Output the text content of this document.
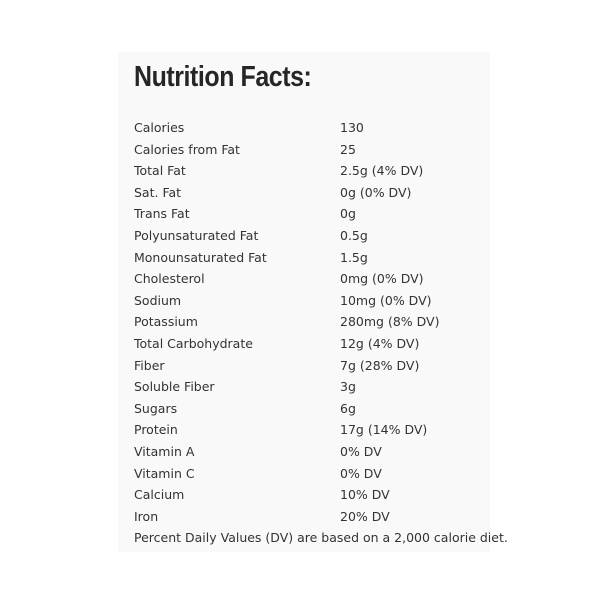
Nutrition Facts:
Calories	130
Calories from Fat	25
Total Fat	2.5g (4% DV)
Sat. Fat	0g (0% DV)
Trans Fat	0g
Polyunsaturated Fat	0.5g
Monounsaturated Fat	1.5g
Cholesterol	0mg (0% DV)
Sodium	10mg (0% DV)
Potassium	280mg (8% DV)
Total Carbohydrate	12g (4% DV)
Fiber	7g (28% DV)
Soluble Fiber	3g
Sugars	6g
Protein	17g (14% DV)
Vitamin A	0% DV
Vitamin C	0% DV
Calcium	10% DV
Iron	20% DV
Percent Daily Values (DV) are based on a 2,000 calorie diet.
